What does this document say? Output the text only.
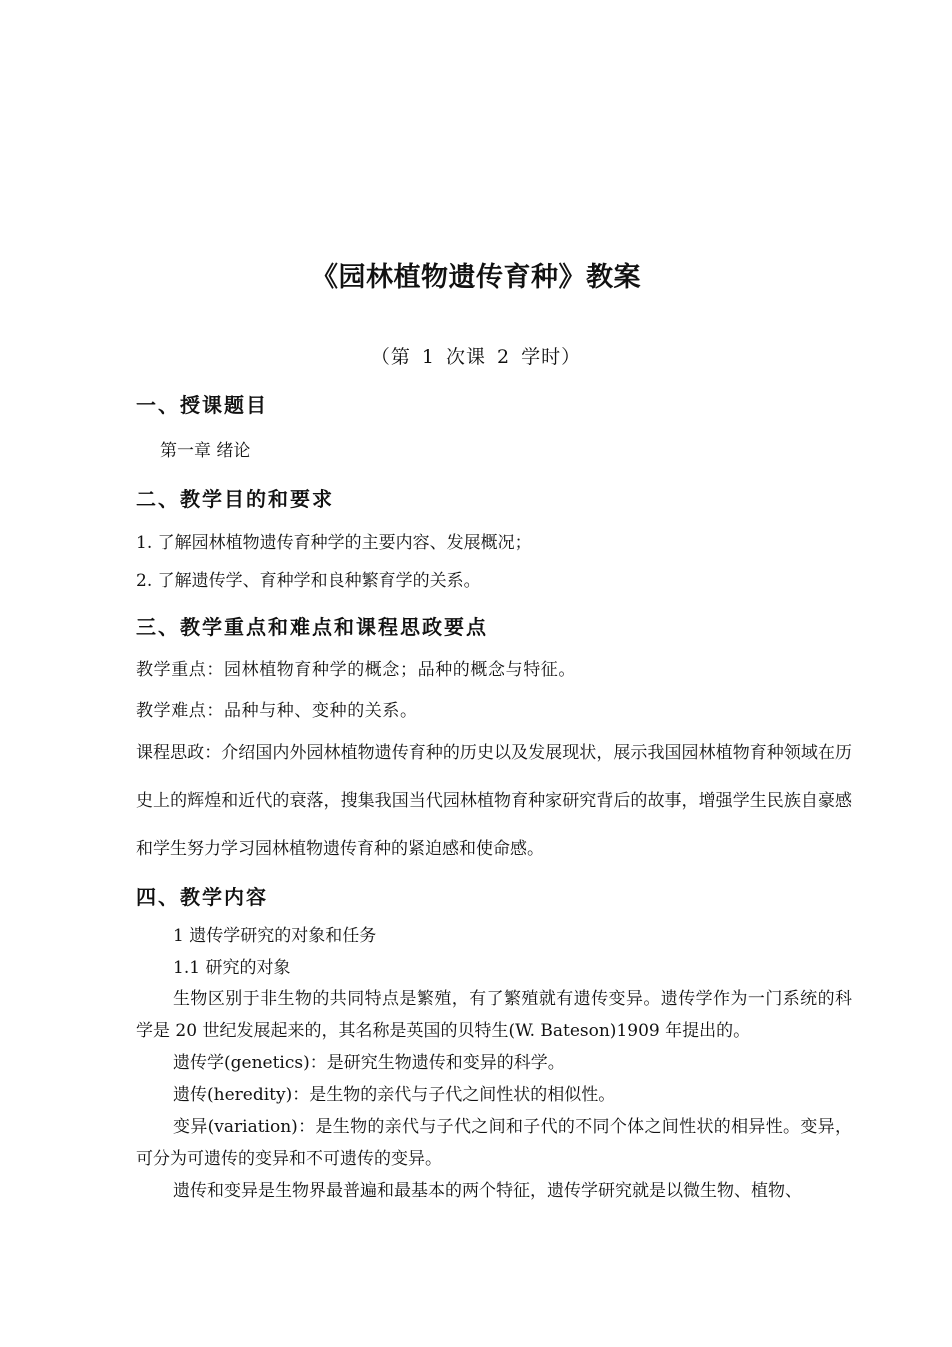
《园林植物遗传育种》教案
（第 1 次课 2 学时）
一、授课题目
第一章 绪论
二、教学目的和要求
1. 了解园林植物遗传育种学的主要内容、发展概况；
2. 了解遗传学、育种学和良种繁育学的关系。
三、教学重点和难点和课程思政要点
教学重点：园林植物育种学的概念；品种的概念与特征。
教学难点：品种与种、变种的关系。
课程思政：介绍国内外园林植物遗传育种的历史以及发展现状，展示我国园林植物育种领域在历史上的辉煌和近代的衰落，搜集我国当代园林植物育种家研究背后的故事，增强学生民族自豪感和学生努力学习园林植物遗传育种的紧迫感和使命感。
四、教学内容
1 遗传学研究的对象和任务
1.1 研究的对象
生物区别于非生物的共同特点是繁殖，有了繁殖就有遗传变异。遗传学作为一门系统的科学是 20 世纪发展起来的，其名称是英国的贝特生(W. Bateson)1909 年提出的。
遗传学(genetics)：是研究生物遗传和变异的科学。
遗传(heredity)：是生物的亲代与子代之间性状的相似性。
变异(variation)：是生物的亲代与子代之间和子代的不同个体之间性状的相异性。变异，可分为可遗传的变异和不可遗传的变异。
遗传和变异是生物界最普遍和最基本的两个特征，遗传学研究就是以微生物、植物、
